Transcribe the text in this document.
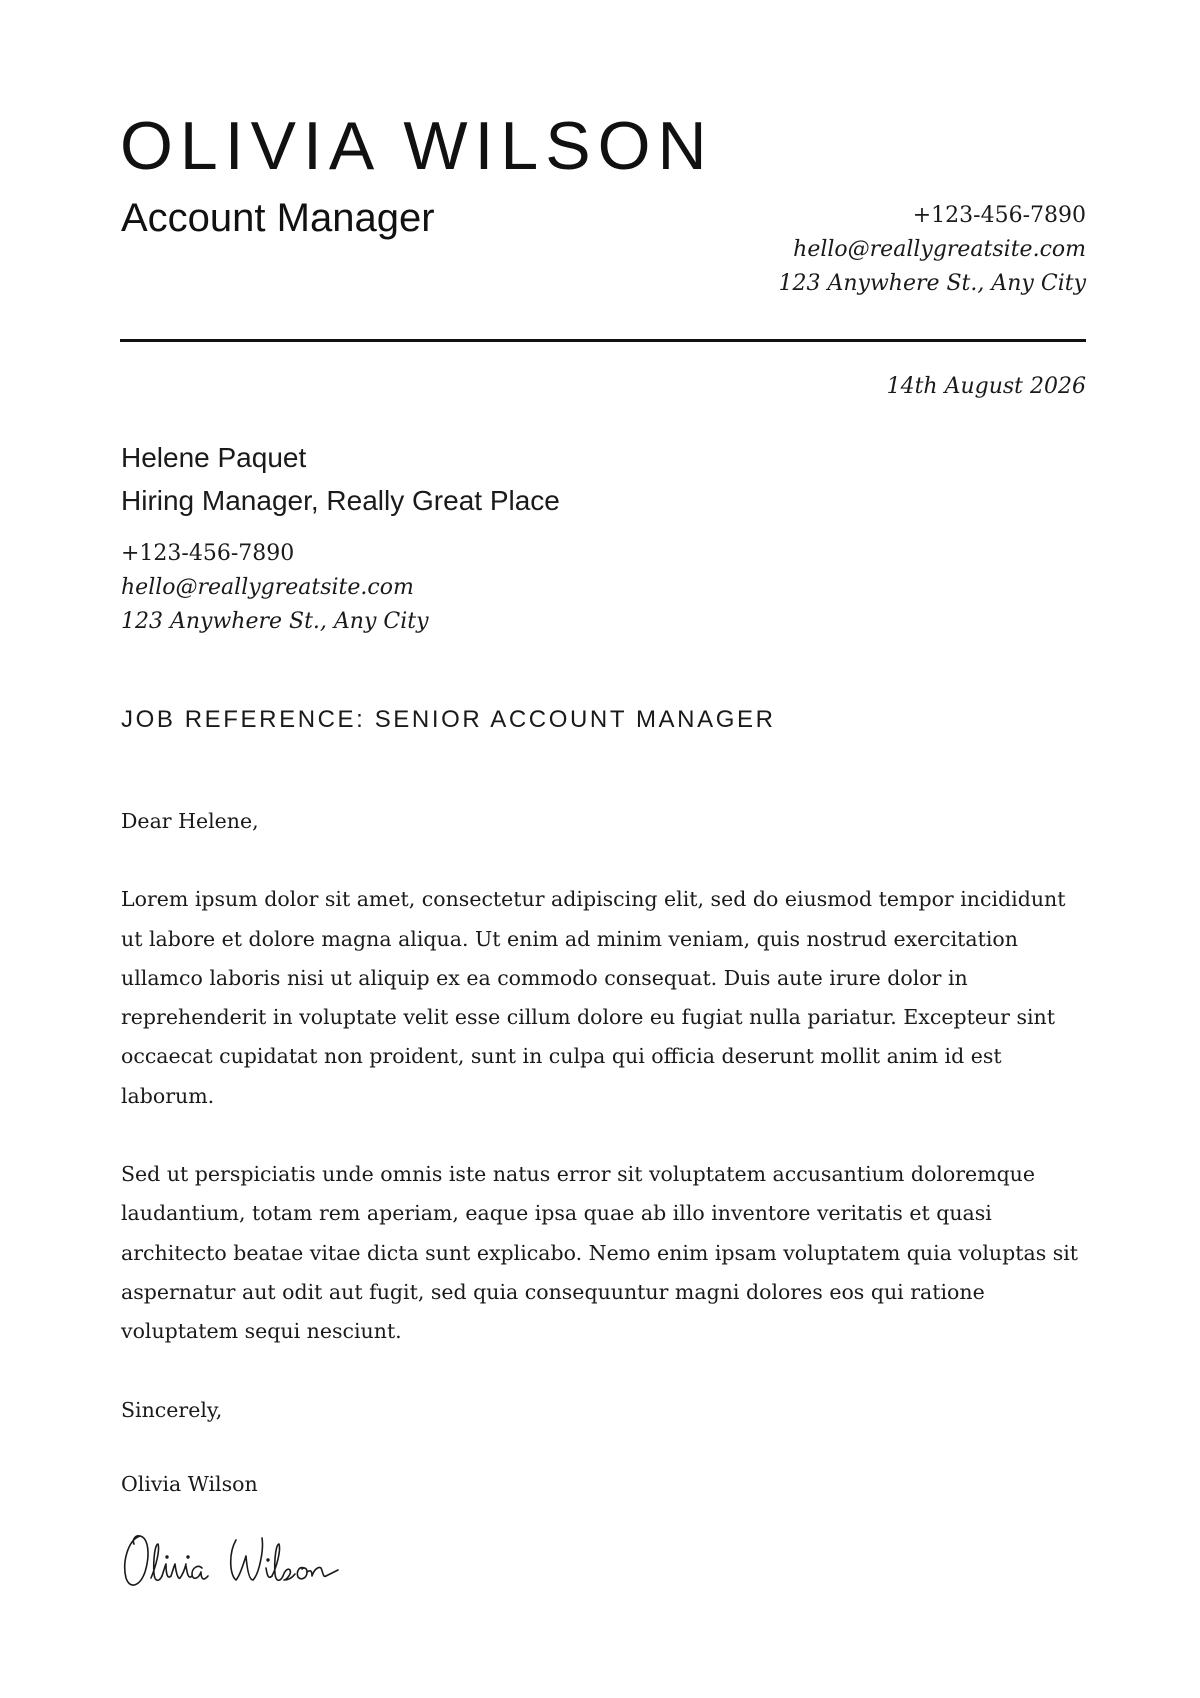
OLIVIA WILSON
Account Manager	+123-456-7890
hello@reallygreatsite.com
123 Anywhere St., Any City
14th August 2026
Helene Paquet
Hiring Manager, Really Great Place
+123-456-7890
hello@reallygreatsite.com
123 Anywhere St., Any City
JOB REFERENCE: SENIOR ACCOUNT MANAGER

Dear Helene,

Lorem ipsum dolor sit amet, consectetur adipiscing elit, sed do eiusmod tempor incididunt ut labore et dolore magna aliqua. Ut enim ad minim veniam, quis nostrud exercitation ullamco laboris nisi ut aliquip ex ea commodo consequat. Duis aute irure dolor in reprehenderit in voluptate velit esse cillum dolore eu fugiat nulla pariatur. Excepteur sint occaecat cupidatat non proident, sunt in culpa qui officia deserunt mollit anim id est laborum.

Sed ut perspiciatis unde omnis iste natus error sit voluptatem accusantium doloremque laudantium, totam rem aperiam, eaque ipsa quae ab illo inventore veritatis et quasi architecto beatae vitae dicta sunt explicabo. Nemo enim ipsam voluptatem quia voluptas sit aspernatur aut odit aut fugit, sed quia consequuntur magni dolores eos qui ratione voluptatem sequi nesciunt.

Sincerely,

Olivia Wilson
